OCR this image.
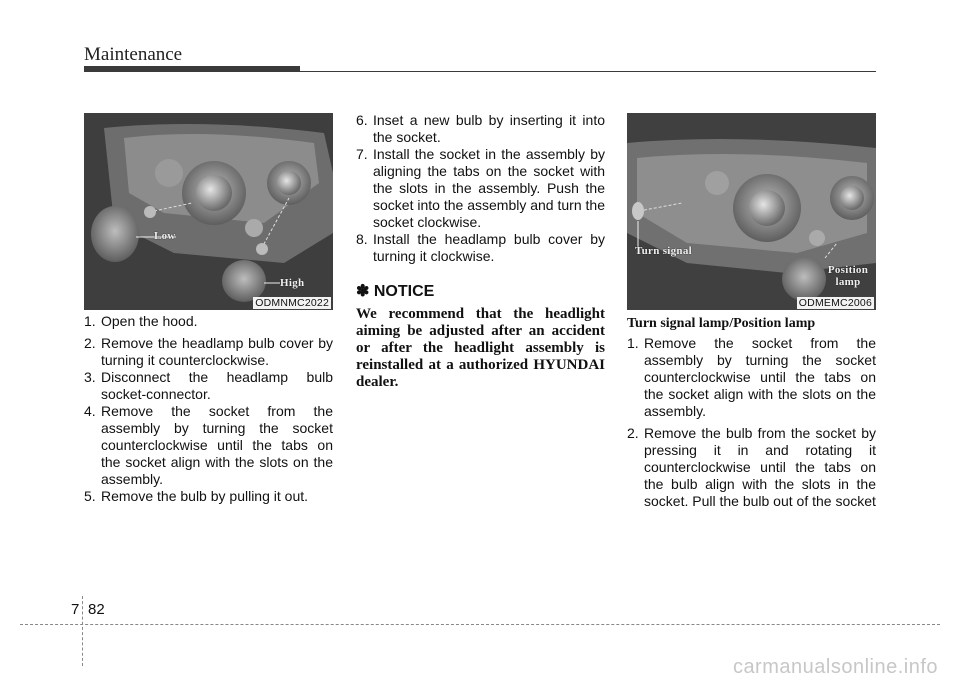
Maintenance
Low
High
ODMNMC2022
1. Open the hood.
2. Remove the headlamp bulb cover by turning it counterclockwise.
3. Disconnect the headlamp bulb socket-connector.
4. Remove the socket from the assembly by turning the socket counterclockwise until the tabs on the socket align with the slots on the assembly.
5. Remove the bulb by pulling it out.
6. Inset a new bulb by inserting it into the socket.
7. Install the socket in the assembly by aligning the tabs on the socket with the slots in the assembly. Push the socket into the assembly and turn the socket clockwise.
8. Install the headlamp bulb cover by turning it clockwise.
✽ NOTICE
We recommend that the headlight aiming be adjusted after an accident or after the headlight assembly is reinstalled at a authorized HYUNDAI dealer.
Turn signal
Position lamp
ODMEMC2006
Turn signal lamp/Position lamp
1. Remove the socket from the assembly by turning the socket counterclockwise until the tabs on the socket align with the slots on the assembly.
2. Remove the bulb from the socket by pressing it in and rotating it counterclockwise until the tabs on the bulb align with the slots in the socket. Pull the bulb out of the socket
7 82
carmanualsonline.info
